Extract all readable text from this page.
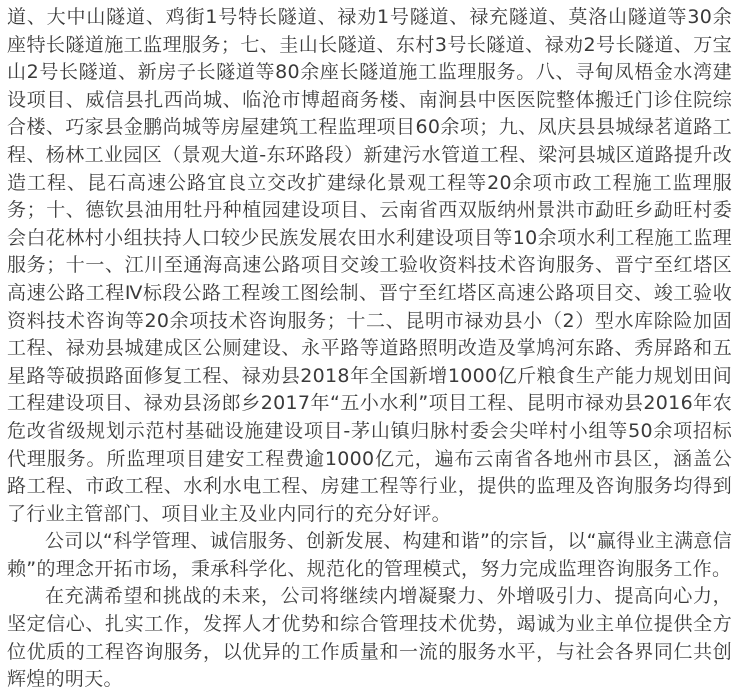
道、大中山隧道、鸡街1号特长隧道、禄劝1号隧道、禄充隧道、莫洛山隧道等30余座特长隧道施工监理服务；七、圭山长隧道、东村3号长隧道、禄劝2号长隧道、万宝山2号长隧道、新房子长隧道等80余座长隧道施工监理服务。八、寻甸凤梧金水湾建设项目、威信县扎西尚城、临沧市博超商务楼、南涧县中医医院整体搬迁门诊住院综合楼、巧家县金鹏尚城等房屋建筑工程监理项目60余项；九、凤庆县县城绿茗道路工程、杨林工业园区（景观大道-东环路段）新建污水管道工程、梁河县城区道路提升改造工程、昆石高速公路宜良立交改扩建绿化景观工程等20余项市政工程施工监理服务；十、德钦县油用牡丹种植园建设项目、云南省西双版纳州景洪市勐旺乡勐旺村委会白花林村小组扶持人口较少民族发展农田水利建设项目等10余项水利工程施工监理服务；十一、江川至通海高速公路项目交竣工验收资料技术咨询服务、晋宁至红塔区高速公路工程Ⅳ标段公路工程竣工图绘制、晋宁至红塔区高速公路项目交、竣工验收资料技术咨询等20余项技术咨询服务；十二、昆明市禄劝县小（2）型水库除险加固工程、禄劝县城建成区公厕建设、永平路等道路照明改造及掌鸠河东路、秀屏路和五星路等破损路面修复工程、禄劝县2018年全国新增1000亿斤粮食生产能力规划田间工程建设项目、禄劝县汤郎乡2017年“五小水利”项目工程、昆明市禄劝县2016年农危改省级规划示范村基础设施建设项目-茅山镇归脉村委会尖咩村小组等50余项招标代理服务。所监理项目建安工程费逾1000亿元，遍布云南省各地州市县区，涵盖公路工程、市政工程、水利水电工程、房建工程等行业，提供的监理及咨询服务均得到了行业主管部门、项目业主及业内同行的充分好评。

公司以“科学管理、诚信服务、创新发展、构建和谐”的宗旨，以“赢得业主满意信赖”的理念开拓市场，秉承科学化、规范化的管理模式，努力完成监理咨询服务工作。

在充满希望和挑战的未来，公司将继续内增凝聚力、外增吸引力、提高向心力，坚定信心、扎实工作，发挥人才优势和综合管理技术优势，竭诚为业主单位提供全方位优质的工程咨询服务，以优异的工作质量和一流的服务水平，与社会各界同仁共创辉煌的明天。
